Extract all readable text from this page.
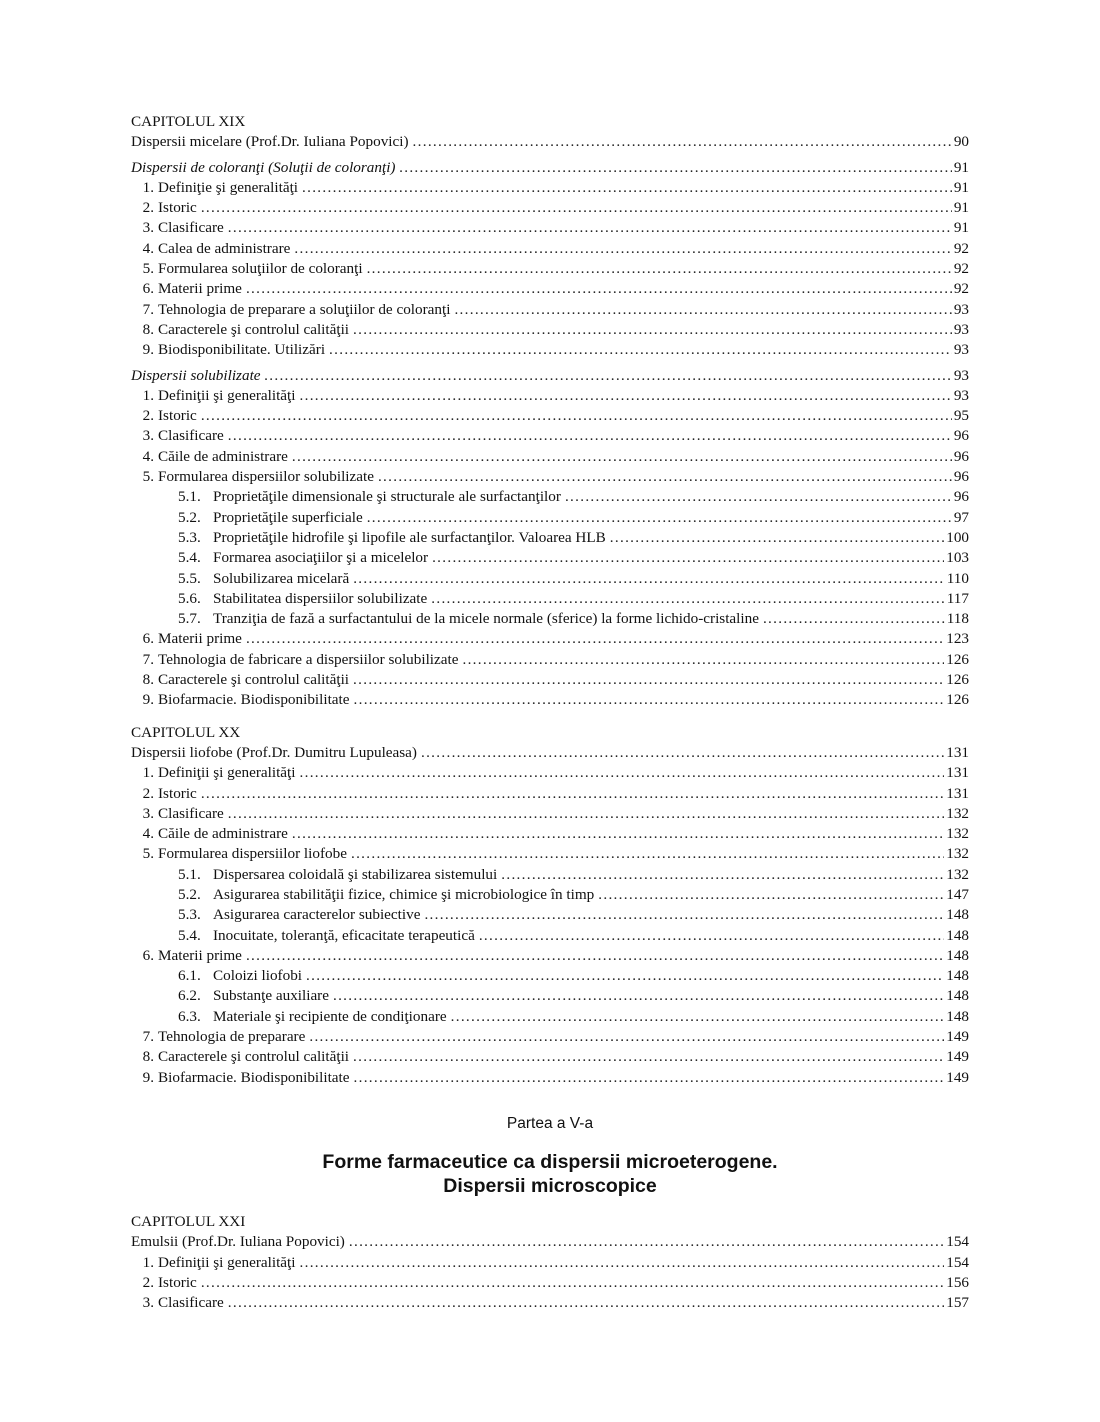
CAPITOLUL XIX
Dispersii micelare (Prof.Dr. Iuliana Popovici) .....	90
Dispersii de coloranţi (Soluţii de coloranţi) .....	91
1. Definiţie şi generalităţi .....	91
2. Istoric .....	91
3. Clasificare .....	91
4. Calea de administrare .....	92
5. Formularea soluţiilor de coloranţi .....	92
6. Materii prime .....	92
7. Tehnologia de preparare a soluţiilor de coloranţi .....	93
8. Caracterele şi controlul calităţii .....	93
9. Biodisponibilitate. Utilizări .....	93
Dispersii solubilizate .....	93
1. Definiţii şi generalităţi .....	93
2. Istoric .....	95
3. Clasificare .....	96
4. Căile de administrare .....	96
5. Formularea dispersiilor solubilizate .....	96
5.1. Proprietăţile dimensionale şi structurale ale surfactanţilor .....	96
5.2. Proprietăţile superficiale .....	97
5.3. Proprietăţile hidrofile şi lipofile ale surfactanţilor. Valoarea HLB .....	100
5.4. Formarea asociaţiilor şi a micelelor .....	103
5.5. Solubilizarea micelară .....	110
5.6. Stabilitatea dispersiilor solubilizate .....	117
5.7. Tranziţia de fază a surfactantului de la micele normale (sferice) la forme lichido-cristaline .....	118
6. Materii prime .....	123
7. Tehnologia de fabricare a dispersiilor solubilizate .....	126
8. Caracterele şi controlul calităţii .....	126
9. Biofarmacie. Biodisponibilitate .....	126
CAPITOLUL XX
Dispersii liofobe (Prof.Dr. Dumitru Lupuleasa) .....	131
1. Definiţii şi generalităţi .....	131
2. Istoric .....	131
3. Clasificare .....	132
4. Căile de administrare .....	132
5. Formularea dispersiilor liofobe .....	132
5.1. Dispersarea coloidală şi stabilizarea sistemului .....	132
5.2. Asigurarea stabilităţii fizice, chimice şi microbiologice în timp .....	147
5.3. Asigurarea caracterelor subiective .....	148
5.4. Inocuitate, toleranţă, eficacitate terapeutică .....	148
6. Materii prime .....	148
6.1. Coloizi liofobi .....	148
6.2. Substanţe auxiliare .....	148
6.3. Materiale şi recipiente de condiţionare .....	148
7. Tehnologia de preparare .....	149
8. Caracterele şi controlul calităţii .....	149
9. Biofarmacie. Biodisponibilitate .....	149
Partea a V-a
Forme farmaceutice ca dispersii microeterogene.
Dispersii microscopice
CAPITOLUL XXI
Emulsii (Prof.Dr. Iuliana Popovici) .....	154
1. Definiţii şi generalităţi .....	154
2. Istoric .....	156
3. Clasificare .....	157
